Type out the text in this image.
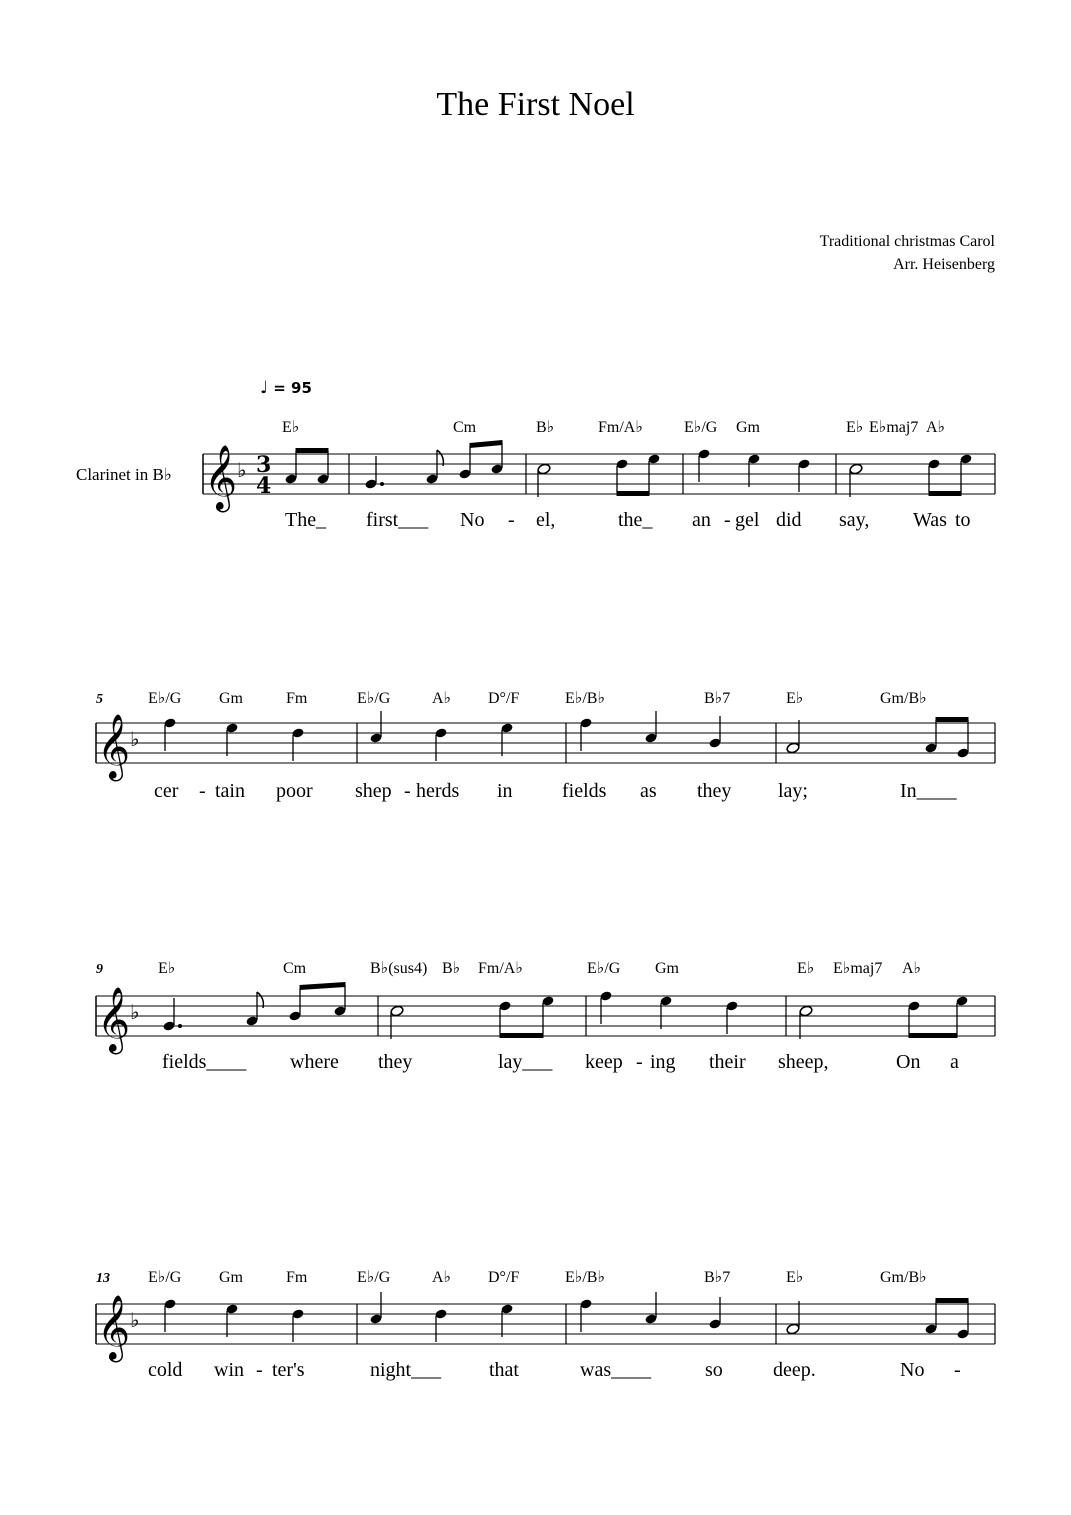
The First Noel
Traditional christmas Carol
Arr. Heisenberg
♩ = 95
Clarinet in B♭ 𝄞 ♭ 3
4
E♭	Cm	B♭	Fm/A♭	E♭/G Gm	E♭ E♭maj7 A♭
The_ first___ No - el,	the_ an - gel did say, Was to
5
𝄞 ♭
E♭/G Gm	Fm	E♭/G	A♭ D°/F	E♭/B♭	B♭7	E♭	Gm/B♭
cer - tain poor shep - herds in fields as they lay;	In____
9
𝄞 ♭
E♭	Cm	B♭(sus4) B♭ Fm/A♭	E♭/G Gm	E♭ E♭maj7 A♭
fields____ where they	lay___ keep - ing their sheep,	On a
13
𝄞 ♭
E♭/G Gm	Fm	E♭/G	A♭ D°/F	E♭/B♭	B♭7	E♭	Gm/B♭
cold win - ter's	night___ that	was____	so	deep.	No -
